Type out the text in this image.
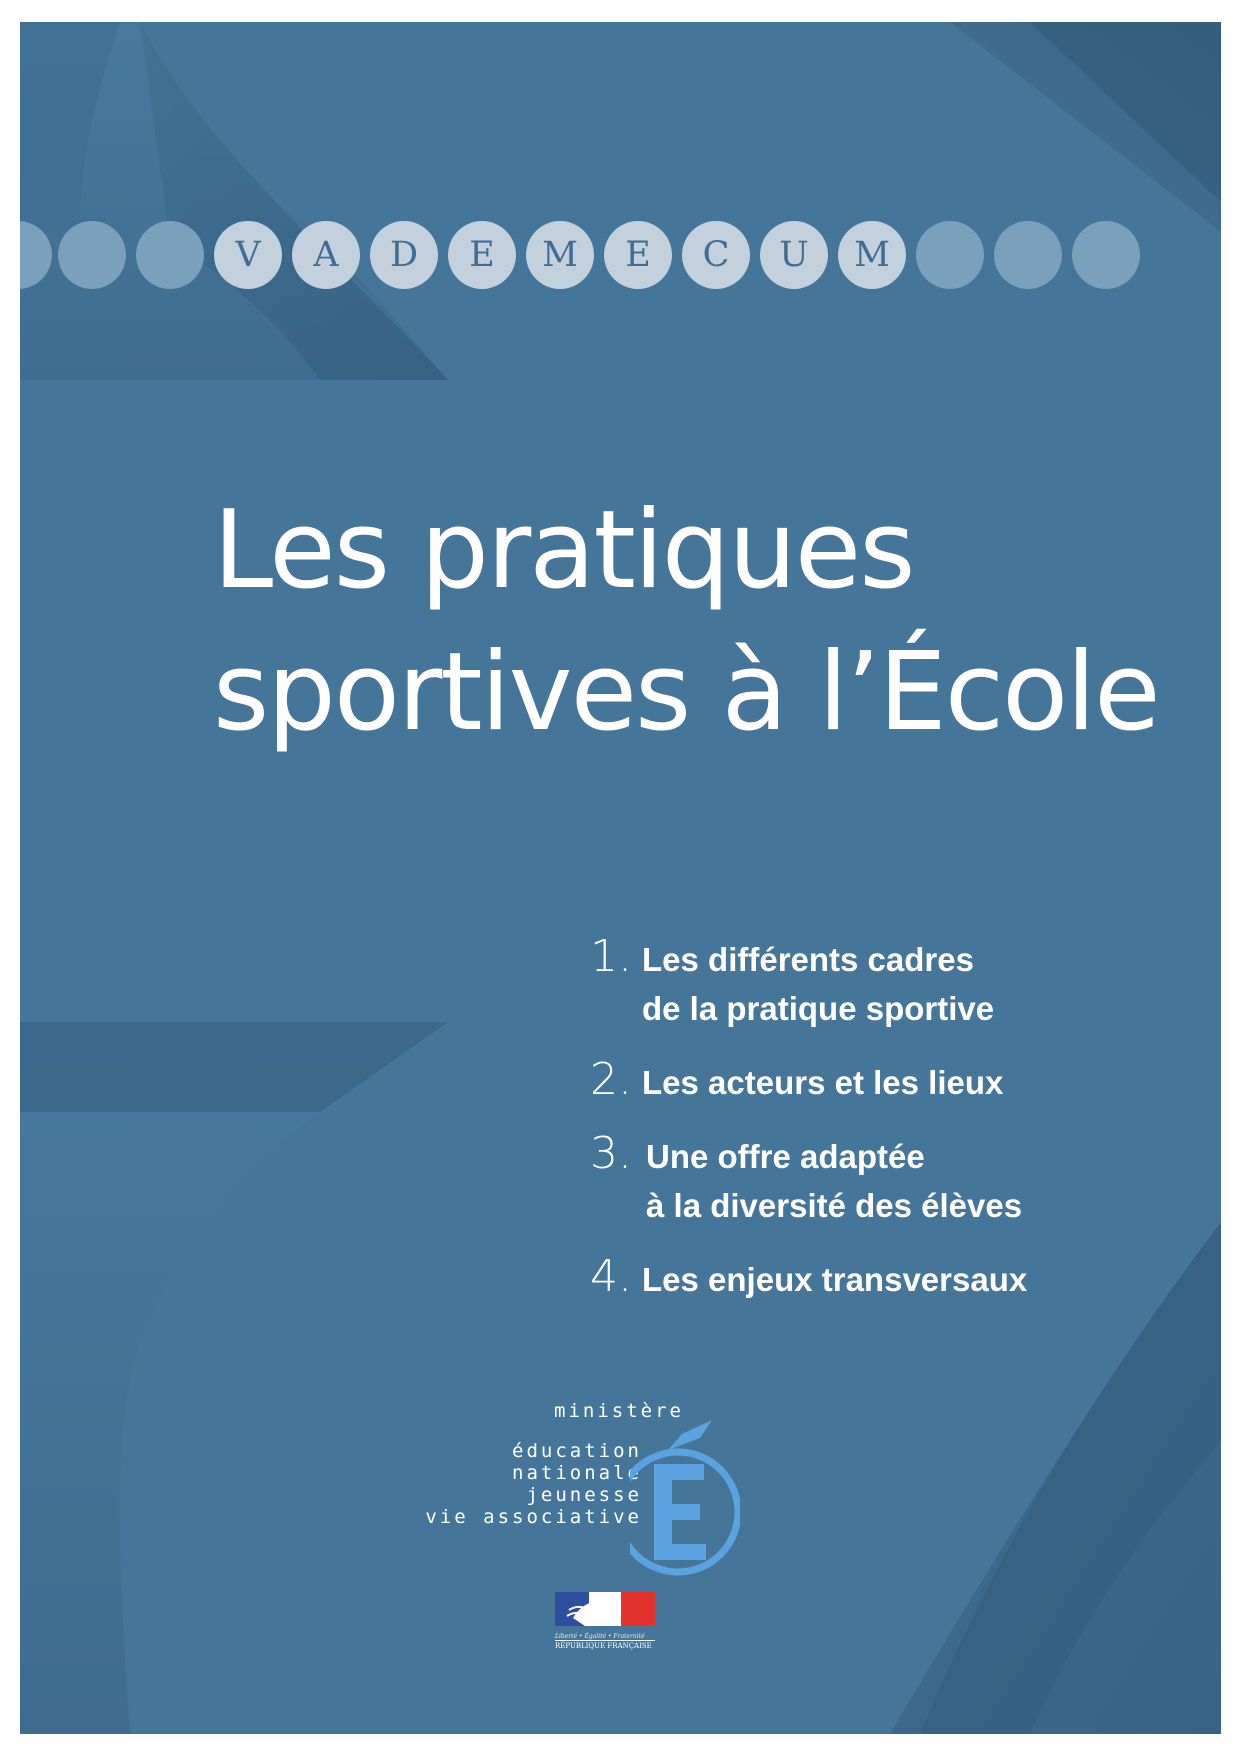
V	A	D	E	M	E	C	U	M
Les pratiques
sportives à l’École
1. Les différents cadres
de la pratique sportive
2. Les acteurs et les lieux
3. Une offre adaptée
à la diversité des élèves
4. Les enjeux transversaux
ministère
éducation
nationale
jeunesse
vie associative
Liberté • Égalité • Fraternité
RÉPUBLIQUE FRANÇAISE
